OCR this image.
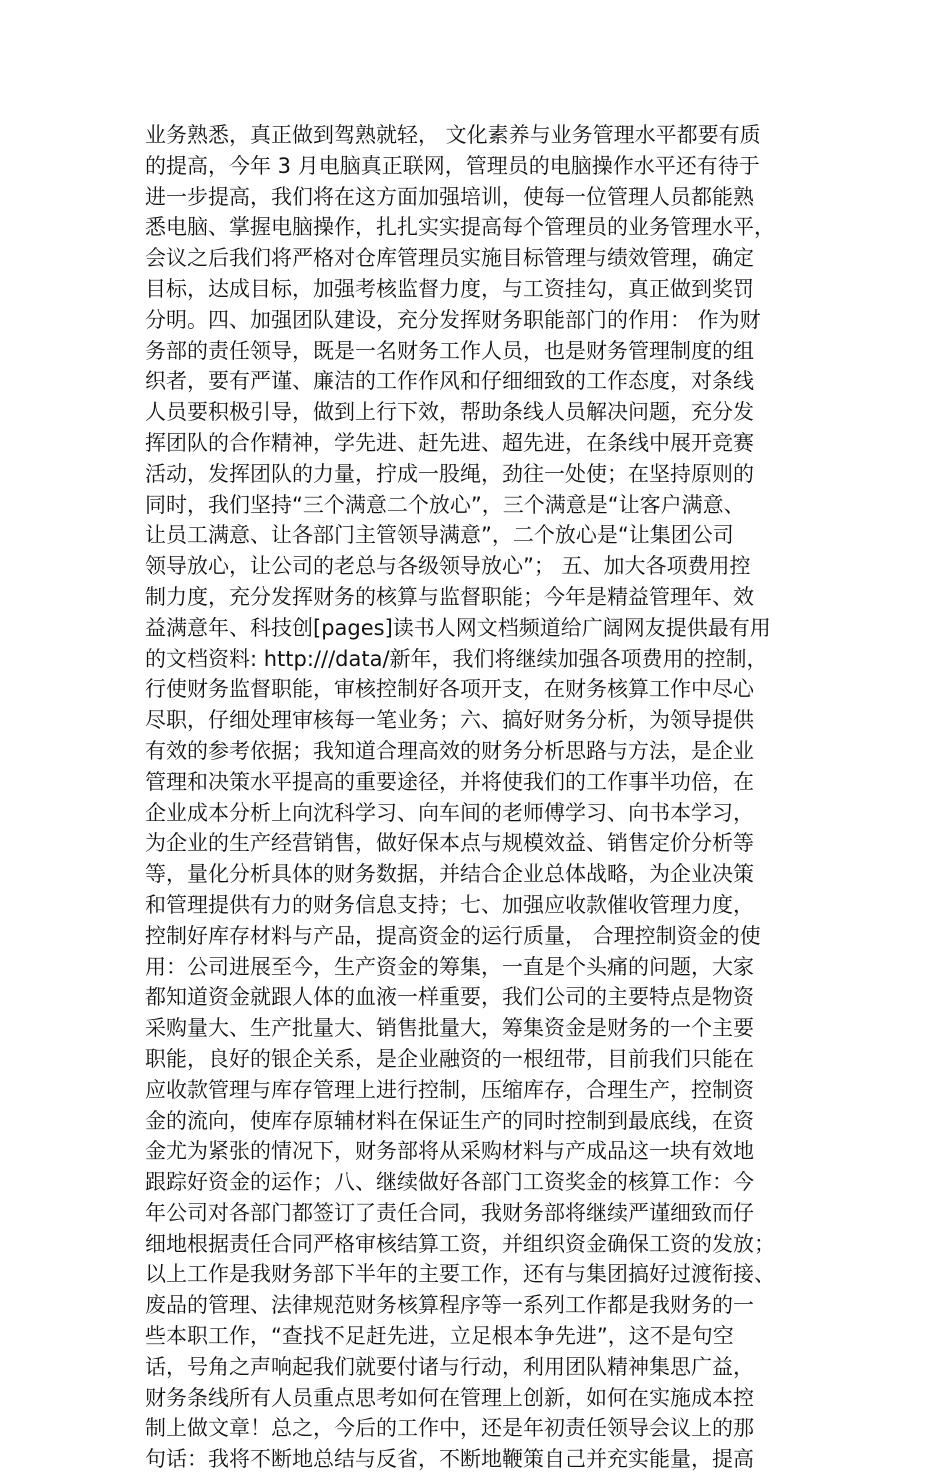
业务熟悉，真正做到驾熟就轻， 文化素养与业务管理水平都要有质
的提高，今年 3 月电脑真正联网，管理员的电脑操作水平还有待于
进一步提高，我们将在这方面加强培训，使每一位管理人员都能熟
悉电脑、掌握电脑操作，扎扎实实提高每个管理员的业务管理水平，
会议之后我们将严格对仓库管理员实施目标管理与绩效管理，确定
目标，达成目标，加强考核监督力度，与工资挂勾，真正做到奖罚
分明。四、加强团队建设，充分发挥财务职能部门的作用： 作为财
务部的责任领导，既是一名财务工作人员，也是财务管理制度的组
织者，要有严谨、廉洁的工作作风和仔细细致的工作态度，对条线
人员要积极引导，做到上行下效，帮助条线人员解决问题，充分发
挥团队的合作精神，学先进、赶先进、超先进，在条线中展开竞赛
活动，发挥团队的力量，拧成一股绳，劲往一处使；在坚持原则的
同时，我们坚持“三个满意二个放心”，三个满意是“让客户满意、
让员工满意、让各部门主管领导满意”，二个放心是“让集团公司
领导放心，让公司的老总与各级领导放心”； 五、加大各项费用控
制力度，充分发挥财务的核算与监督职能；今年是精益管理年、效
益满意年、科技创[pages]读书人网文档频道给广阔网友提供最有用
的文档资料: http:///data/新年，我们将继续加强各项费用的控制，
行使财务监督职能，审核控制好各项开支，在财务核算工作中尽心
尽职，仔细处理审核每一笔业务；六、搞好财务分析，为领导提供
有效的参考依据；我知道合理高效的财务分析思路与方法，是企业
管理和决策水平提高的重要途径，并将使我们的工作事半功倍，在
企业成本分析上向沈科学习、向车间的老师傅学习、向书本学习，
为企业的生产经营销售，做好保本点与规模效益、销售定价分析等
等，量化分析具体的财务数据，并结合企业总体战略，为企业决策
和管理提供有力的财务信息支持；七、加强应收款催收管理力度，
控制好库存材料与产品，提高资金的运行质量， 合理控制资金的使
用：公司进展至今，生产资金的筹集，一直是个头痛的问题，大家
都知道资金就跟人体的血液一样重要，我们公司的主要特点是物资
采购量大、生产批量大、销售批量大，筹集资金是财务的一个主要
职能，良好的银企关系，是企业融资的一根纽带，目前我们只能在
应收款管理与库存管理上进行控制，压缩库存，合理生产，控制资
金的流向，使库存原辅材料在保证生产的同时控制到最底线，在资
金尤为紧张的情况下，财务部将从采购材料与产成品这一块有效地
跟踪好资金的运作；八、继续做好各部门工资奖金的核算工作：今
年公司对各部门都签订了责任合同，我财务部将继续严谨细致而仔
细地根据责任合同严格审核结算工资，并组织资金确保工资的发放；
以上工作是我财务部下半年的主要工作，还有与集团搞好过渡衔接、
废品的管理、法律规范财务核算程序等一系列工作都是我财务的一
些本职工作，“查找不足赶先进，立足根本争先进”，这不是句空
话，号角之声响起我们就要付诸与行动，利用团队精神集思广益，
财务条线所有人员重点思考如何在管理上创新，如何在实施成本控
制上做文章！总之，今后的工作中，还是年初责任领导会议上的那
句话：我将不断地总结与反省，不断地鞭策自己并充实能量，提高
